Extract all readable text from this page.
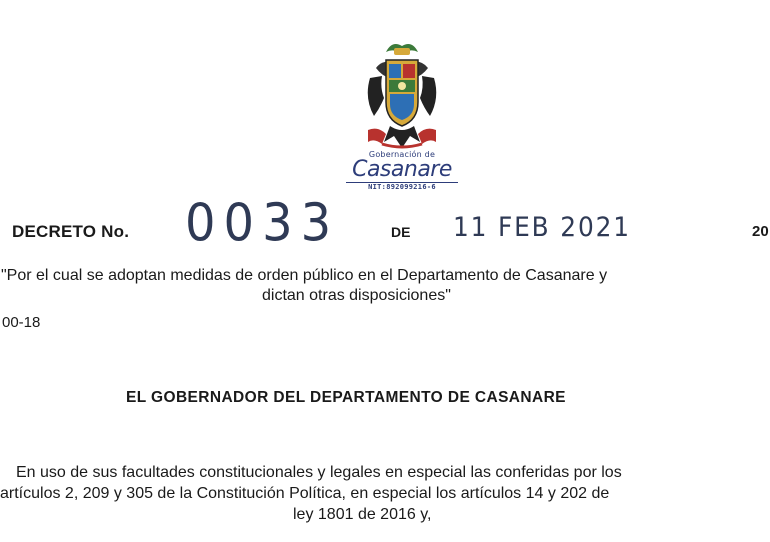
Gobernación de
Casanare
NIT:892099216-6
DECRETO No. 0033	DE 11 FEB 2021	20
"Por el cual se adoptan medidas de orden público en el Departamento de Casanare y
dictan otras disposiciones"
00-18
EL GOBERNADOR DEL DEPARTAMENTO DE CASANARE
En uso de sus facultades constitucionales y legales en especial las conferidas por los
artículos 2, 209 y 305 de la Constitución Política, en especial los artículos 14 y 202 de
ley 1801 de 2016 y,
